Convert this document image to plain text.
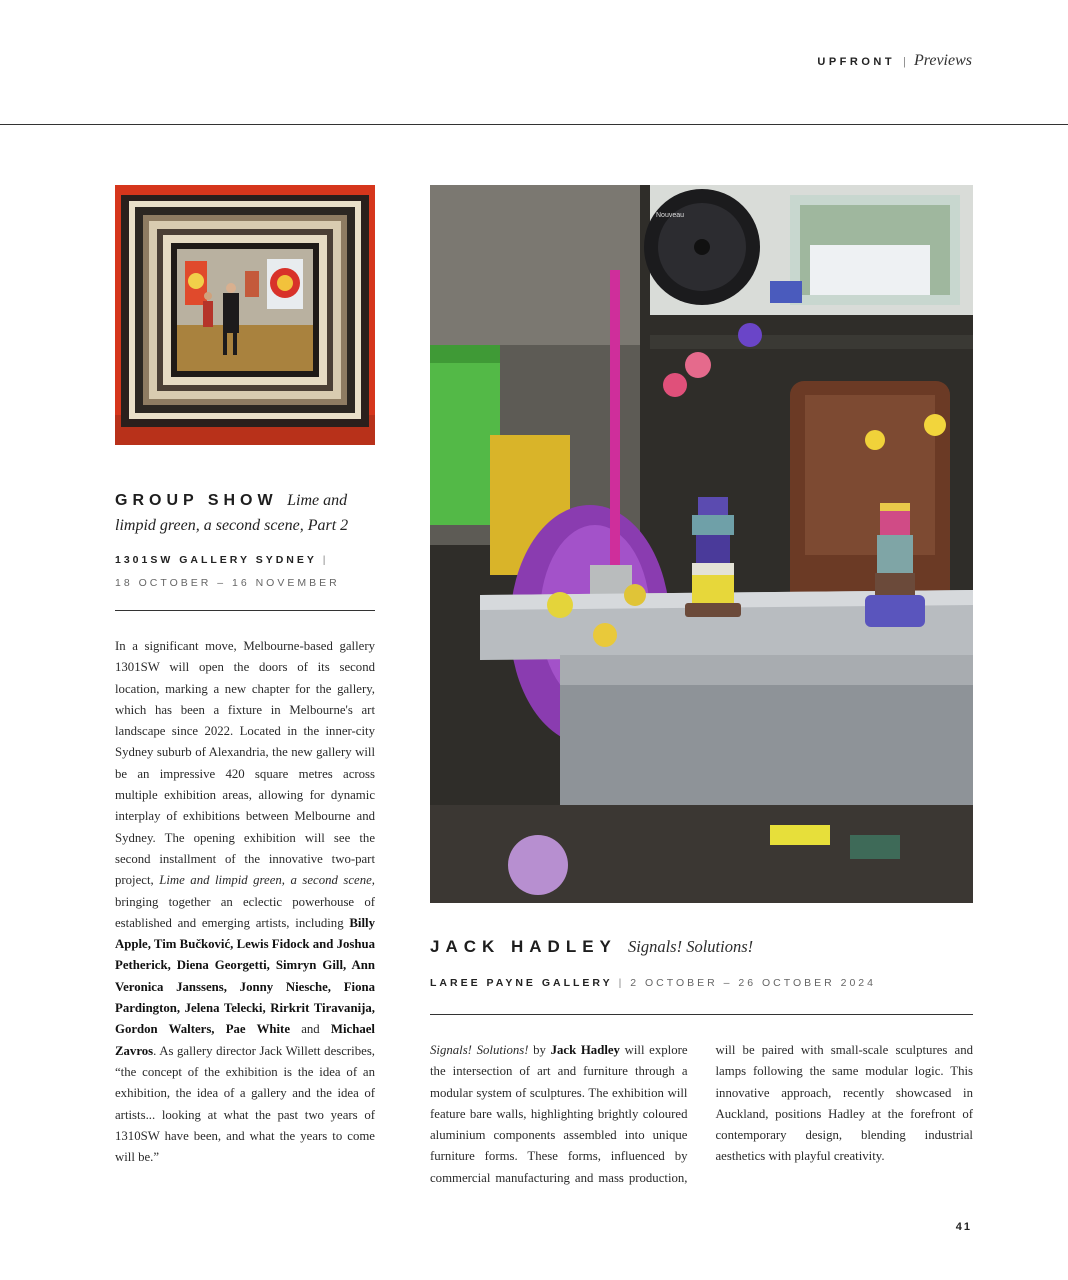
UPFRONT | Previews
GROUP SHOW Lime and limpid green, a second scene, Part 2
1301SW GALLERY SYDNEY |
18 OCTOBER – 16 NOVEMBER

In a significant move, Melbourne-based gallery 1301SW will open the doors of its second location, marking a new chapter for the gallery, which has been a fixture in Melbourne's art landscape since 2022. Located in the inner-city Sydney suburb of Alexandria, the new gallery will be an impressive 420 square metres across multiple exhibition areas, allowing for dynamic interplay of exhibitions between Melbourne and Sydney. The opening exhibition will see the second installment of the innovative two-part project, Lime and limpid green, a second scene, bringing together an eclectic powerhouse of established and emerging artists, including Billy Apple, Tim Bučković, Lewis Fidock and Joshua Petherick, Diena Georgetti, Simryn Gill, Ann Veronica Janssens, Jonny Niesche, Fiona Pardington, Jelena Telecki, Rirkrit Tiravanija, Gordon Walters, Pae White and Michael Zavros. As gallery director Jack Willett describes, “the concept of the exhibition is the idea of an exhibition, the idea of a gallery and the idea of artists... looking at what the past two years of 1310SW have been, and what the years to come will be.”

Nouveau
JACK HADLEY Signals! Solutions!
LAREE PAYNE GALLERY | 2 OCTOBER – 26 OCTOBER 2024

Signals! Solutions! by Jack Hadley will explore the intersection of art and furniture through a modular system of sculptures. The exhibition will feature bare walls, highlighting brightly coloured aluminium components assembled into unique furniture forms. These forms, influenced by commercial manufacturing and mass production, will be paired with small-scale sculptures and lamps following the same modular logic. This innovative approach, recently showcased in Auckland, positions Hadley at the forefront of contemporary design, blending industrial aesthetics with playful creativity.

41
